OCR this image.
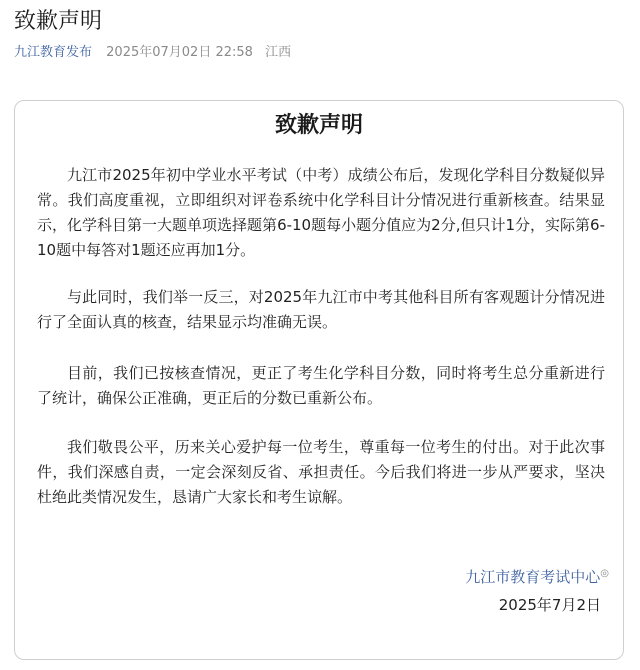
致歉声明
九江教育发布 2025年07月02日 22:58 江西
致歉声明

九江市2025年初中学业水平考试（中考）成绩公布后，发现化学科目分数疑似异常。我们高度重视，立即组织对评卷系统中化学科目计分情况进行重新核查。结果显示，化学科目第一大题单项选择题第6-10题每小题分值应为2分,但只计1分，实际第6-10题中每答对1题还应再加1分。

与此同时，我们举一反三，对2025年九江市中考其他科目所有客观题计分情况进行了全面认真的核查，结果显示均准确无误。

目前，我们已按核查情况，更正了考生化学科目分数，同时将考生总分重新进行了统计，确保公正准确，更正后的分数已重新公布。

我们敬畏公平，历来关心爱护每一位考生，尊重每一位考生的付出。对于此次事件，我们深感自责，一定会深刻反省、承担责任。今后我们将进一步从严要求，坚决杜绝此类情况发生，恳请广大家长和考生谅解。

九江市教育考试中心◎
2025年7月2日
